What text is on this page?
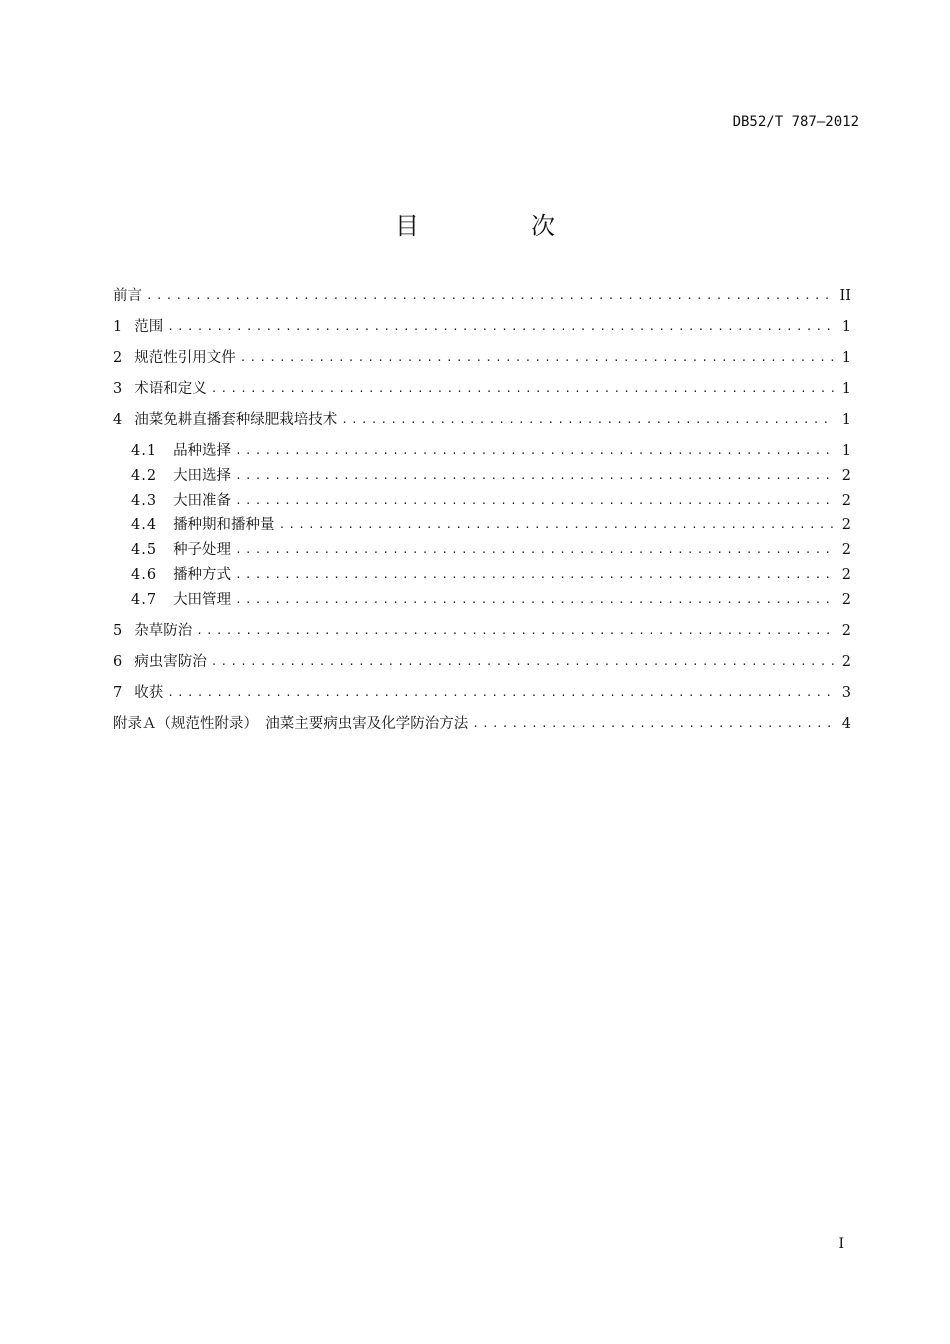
DB52/T 787—2012
目　次
前言 .....	II
1 范围 .....	1
2 规范性引用文件 .....	1
3 术语和定义 .....	1
4 油菜免耕直播套种绿肥栽培技术 .....	1
4.1 品种选择 .....	1
4.2 大田选择 .....	2
4.3 大田准备 .....	2
4.4 播种期和播种量 .....	2
4.5 种子处理 .....	2
4.6 播种方式 .....	2
4.7 大田管理 .....	2
5 杂草防治 .....	2
6 病虫害防治 .....	2
7 收获 .....	3
附录Ａ（规范性附录）　油菜主要病虫害及化学防治方法 .....	4
I
